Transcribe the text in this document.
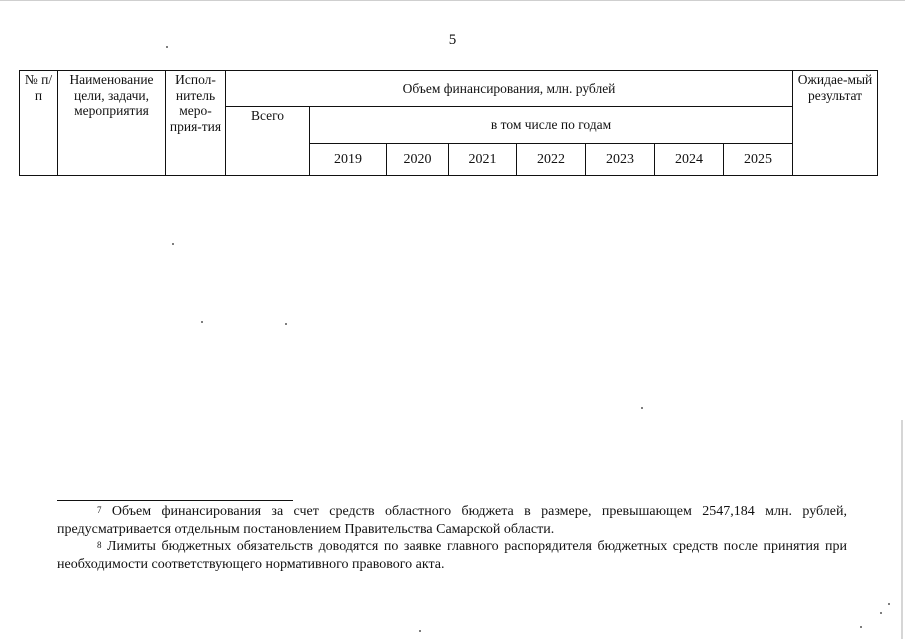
5
№ п/п	Наименование цели, задачи, мероприятия	Испол-нитель меро-прия-тия	Объем финансирования, млн. рублей								Ожидае-мый результат
			Всего	в том числе по годам							
				2019	2020	2021	2022	2023	2024	2025	

$^7$ Объем финансирования за счет средств областного бюджета в размере, превышающем 2547,184 млн. рублей, предусматривается отдельным постановлением Правительства Самарской области.

$^8$ Лимиты бюджетных обязательств доводятся по заявке главного распорядителя бюджетных средств после принятия при необходимости соответствующего нормативного правового акта.
